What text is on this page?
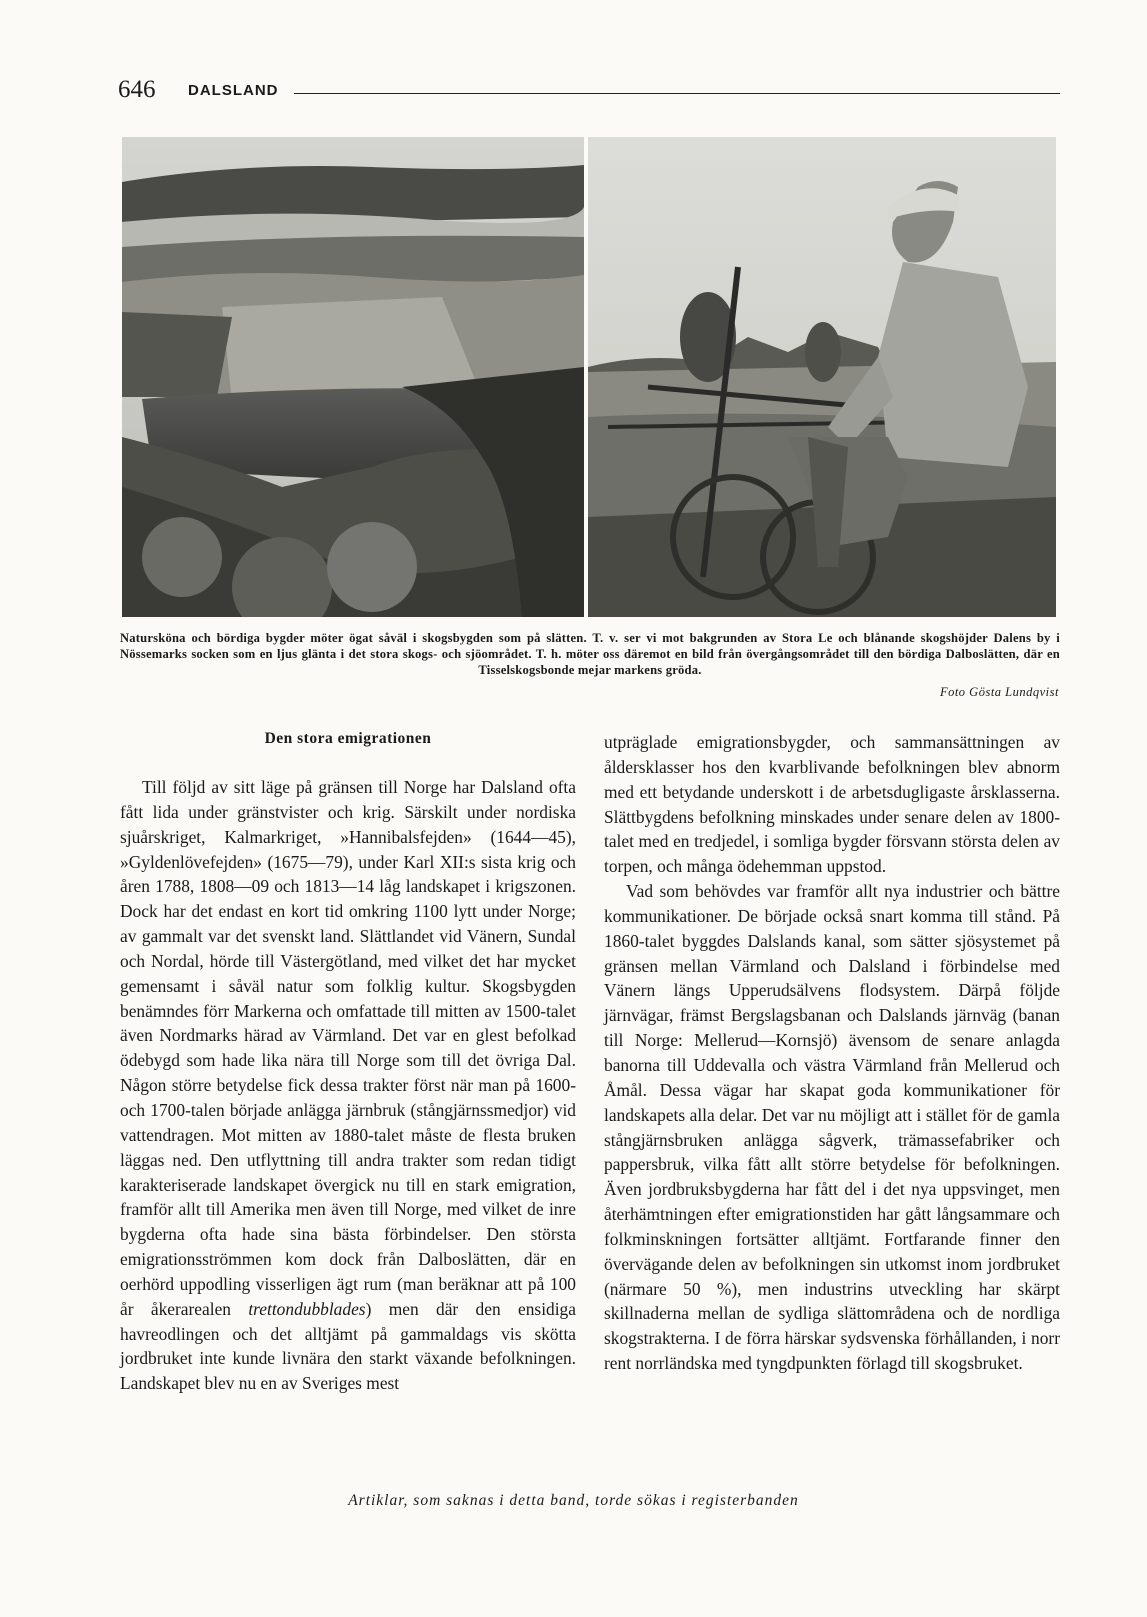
646 DALSLAND
Natursköna och bördiga bygder möter ögat såväl i skogsbygden som på slätten. T. v. ser vi mot bakgrunden av Stora Le och blånande skogshöjder Dalens by i Nössemarks socken som en ljus glänta i det stora skogs- och sjöområdet. T. h. möter oss däremot en bild från övergångsområdet till den bördiga Dalboslätten, där en Tisselskogsbonde mejar markens gröda.
Foto Gösta Lundqvist
Den stora emigrationen

Till följd av sitt läge på gränsen till Norge har Dalsland ofta fått lida under gränstvister och krig. Särskilt under nordiska sjuårskriget, Kalmarkriget, »Hannibalsfejden» (1644—45), »Gyldenlövefejden» (1675—79), under Karl XII:s sista krig och åren 1788, 1808—09 och 1813—14 låg landskapet i krigszonen. Dock har det endast en kort tid omkring 1100 lytt under Norge; av gammalt var det svenskt land. Slättlandet vid Vänern, Sundal och Nordal, hörde till Västergötland, med vilket det har mycket gemensamt i såväl natur som folklig kultur. Skogsbygden benämndes förr Markerna och omfattade till mitten av 1500-talet även Nordmarks härad av Värmland. Det var en glest befolkad ödebygd som hade lika nära till Norge som till det övriga Dal. Någon större betydelse fick dessa trakter först när man på 1600- och 1700-talen började anlägga järnbruk (stångjärnssmedjor) vid vattendragen. Mot mitten av 1880-talet måste de flesta bruken läggas ned. Den utflyttning till andra trakter som redan tidigt karakteriserade landskapet övergick nu till en stark emigration, framför allt till Amerika men även till Norge, med vilket de inre bygderna ofta hade sina bästa förbindelser. Den största emigrationsströmmen kom dock från Dalboslätten, där en oerhörd uppodling visserligen ägt rum (man beräknar att på 100 år åkerarealen trettondubblades) men där den ensidiga havreodlingen och det alltjämt på gammaldags vis skötta jordbruket inte kunde livnära den starkt växande befolkningen. Landskapet blev nu en av Sveriges mest

utpräglade emigrationsbygder, och sammansättningen av åldersklasser hos den kvarblivande befolkningen blev abnorm med ett betydande underskott i de arbetsdugligaste årsklasserna. Slättbygdens befolkning minskades under senare delen av 1800-talet med en tredjedel, i somliga bygder försvann största delen av torpen, och många ödehemman uppstod.

Vad som behövdes var framför allt nya industrier och bättre kommunikationer. De började också snart komma till stånd. På 1860-talet byggdes Dalslands kanal, som sätter sjösystemet på gränsen mellan Värmland och Dalsland i förbindelse med Vänern längs Upperudsälvens flodsystem. Därpå följde järnvägar, främst Bergslagsbanan och Dalslands järnväg (banan till Norge: Mellerud—Kornsjö) ävensom de senare anlagda banorna till Uddevalla och västra Värmland från Mellerud och Åmål. Dessa vägar har skapat goda kommunikationer för landskapets alla delar. Det var nu möjligt att i stället för de gamla stångjärnsbruken anlägga sågverk, trämassefabriker och pappersbruk, vilka fått allt större betydelse för befolkningen. Även jordbruksbygderna har fått del i det nya uppsvinget, men återhämtningen efter emigrationstiden har gått långsammare och folkminskningen fortsätter alltjämt. Fortfarande finner den övervägande delen av befolkningen sin utkomst inom jordbruket (närmare 50 %), men industrins utveckling har skärpt skillnaderna mellan de sydliga slättområdena och de nordliga skogstrakterna. I de förra härskar sydsvenska förhållanden, i norr rent norrländska med tyngdpunkten förlagd till skogsbruket.

Artiklar, som saknas i detta band, torde sökas i registerbanden
